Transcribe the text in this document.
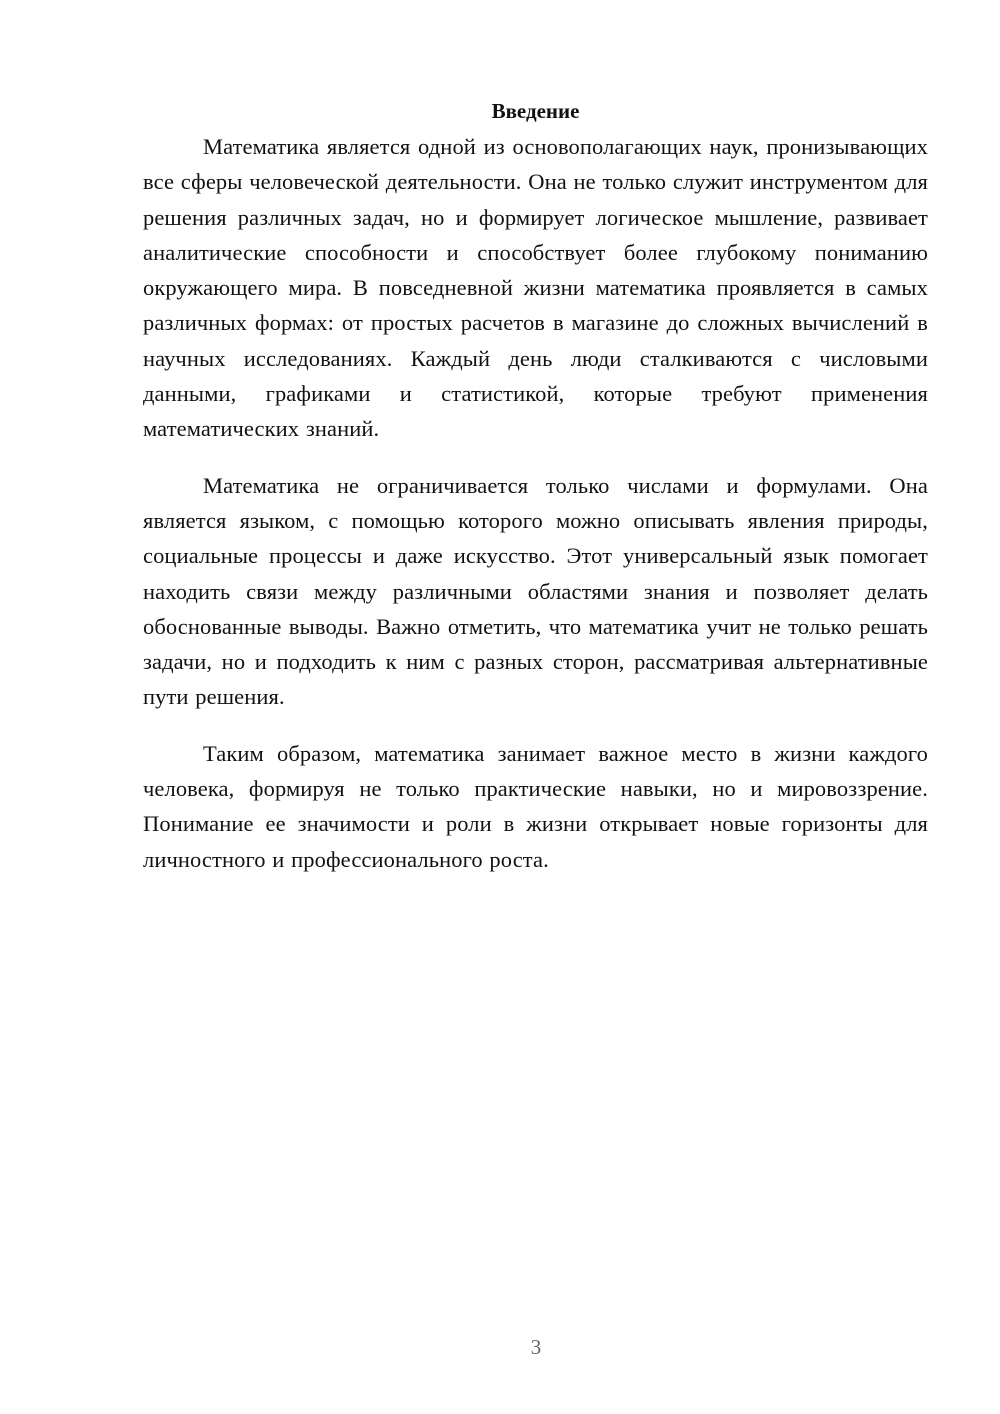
Введение

Математика является одной из основополагающих наук, пронизывающих все сферы человеческой деятельности. Она не только служит инструментом для решения различных задач, но и формирует логическое мышление, развивает аналитические способности и способствует более глубокому пониманию окружающего мира. В повседневной жизни математика проявляется в самых различных формах: от простых расчетов в магазине до сложных вычислений в научных исследованиях. Каждый день люди сталкиваются с числовыми данными, графиками и статистикой, которые требуют применения математических знаний.

Математика не ограничивается только числами и формулами. Она является языком, с помощью которого можно описывать явления природы, социальные процессы и даже искусство. Этот универсальный язык помогает находить связи между различными областями знания и позволяет делать обоснованные выводы. Важно отметить, что математика учит не только решать задачи, но и подходить к ним с разных сторон, рассматривая альтернативные пути решения.

Таким образом, математика занимает важное место в жизни каждого человека, формируя не только практические навыки, но и мировоззрение. Понимание ее значимости и роли в жизни открывает новые горизонты для личностного и профессионального роста.

3
